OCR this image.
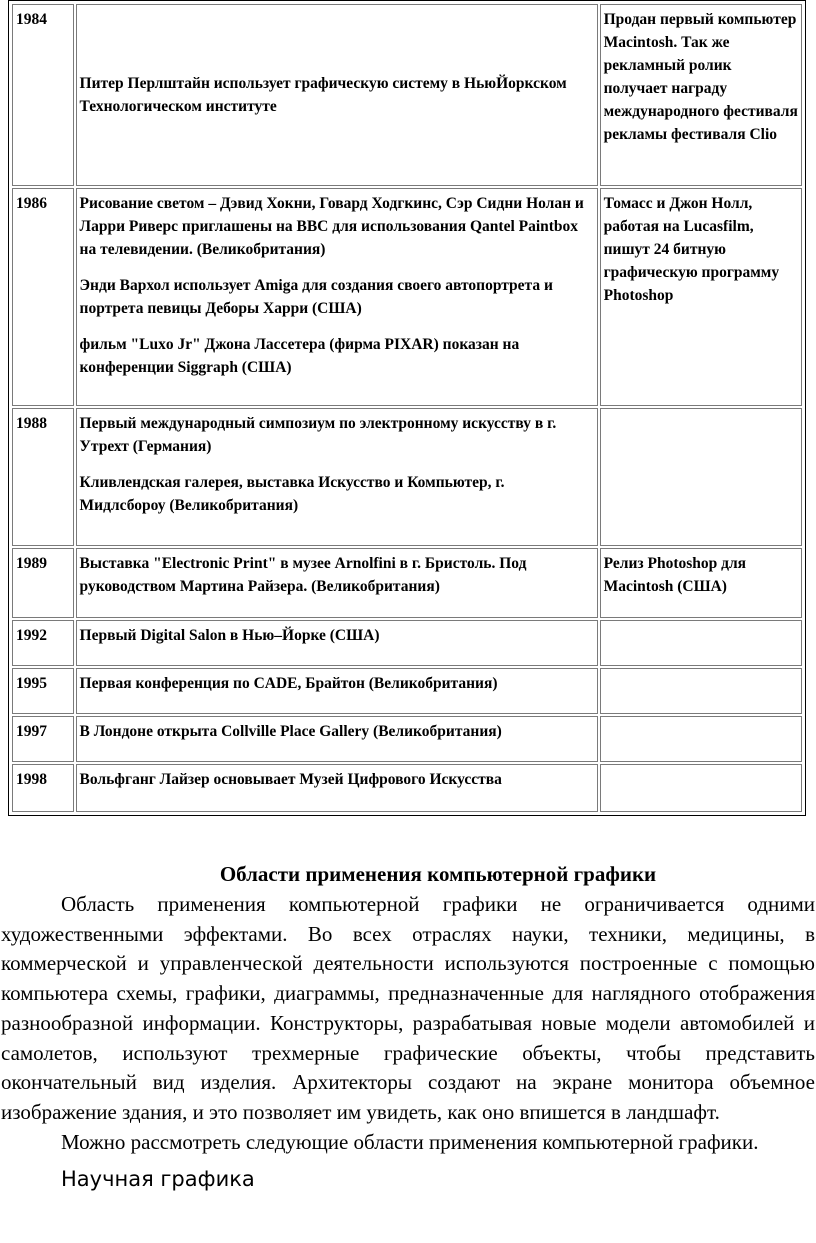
1984	Питер Перлштайн использует графическую систему в НьюЙоркском Технологическом институте	Продан первый компьютер Macintosh. Так же рекламный ролик получает награду международного фестиваля рекламы фестиваля Clio

1986	Рисование светом – Дэвид Хокни, Говард Ходгкинс, Сэр Сидни Нолан и Ларри Риверс приглашены на BBC для использования Qantel Paintbox на телевидении. (Великобритания)

Энди Вархол использует Amiga для создания своего автопортрета и портрета певицы Деборы Харри (США)

фильм "Luxo Jr" Джона Лассетера (фирма PIXAR) показан на конференции Siggraph (США)	Томасс и Джон Нолл, работая на Lucasfilm, пишут 24 битную графическую программу Photoshop

1988	Первый международный симпозиум по электронному искусству в г. Утрехт (Германия)

Кливлендская галерея, выставка Искусство и Компьютер, г. Мидлсбороу (Великобритания)	

1989	Выставка "Electronic Print" в музее Arnolfini в г. Бристоль. Под руководством Мартина Райзера. (Великобритания)	Релиз Photoshop для Macintosh (США)

1992	Первый Digital Salon в Нью–Йорке (США)	

1995	Первая конференция по CADE, Брайтон (Великобритания)	

1997	В Лондоне открыта Collville Place Gallery (Великобритания)	

1998	Вольфганг Лайзер основывает Музей Цифрового Искусства	

Области применения компьютерной графики

Область применения компьютерной графики не ограничивается одними художественными эффектами. Во всех отраслях науки, техники, медицины, в коммерческой и управленческой деятельности используются построенные с помощью компьютера схемы, графики, диаграммы, предназначенные для наглядного отображения разнообразной информации. Конструкторы, разрабатывая новые модели автомобилей и самолетов, используют трехмерные графические объекты, чтобы представить окончательный вид изделия. Архитекторы создают на экране монитора объемное изображение здания, и это позволяет им увидеть, как оно впишется в ландшафт.

Можно рассмотреть следующие области применения компьютерной графики.

Научная графика
